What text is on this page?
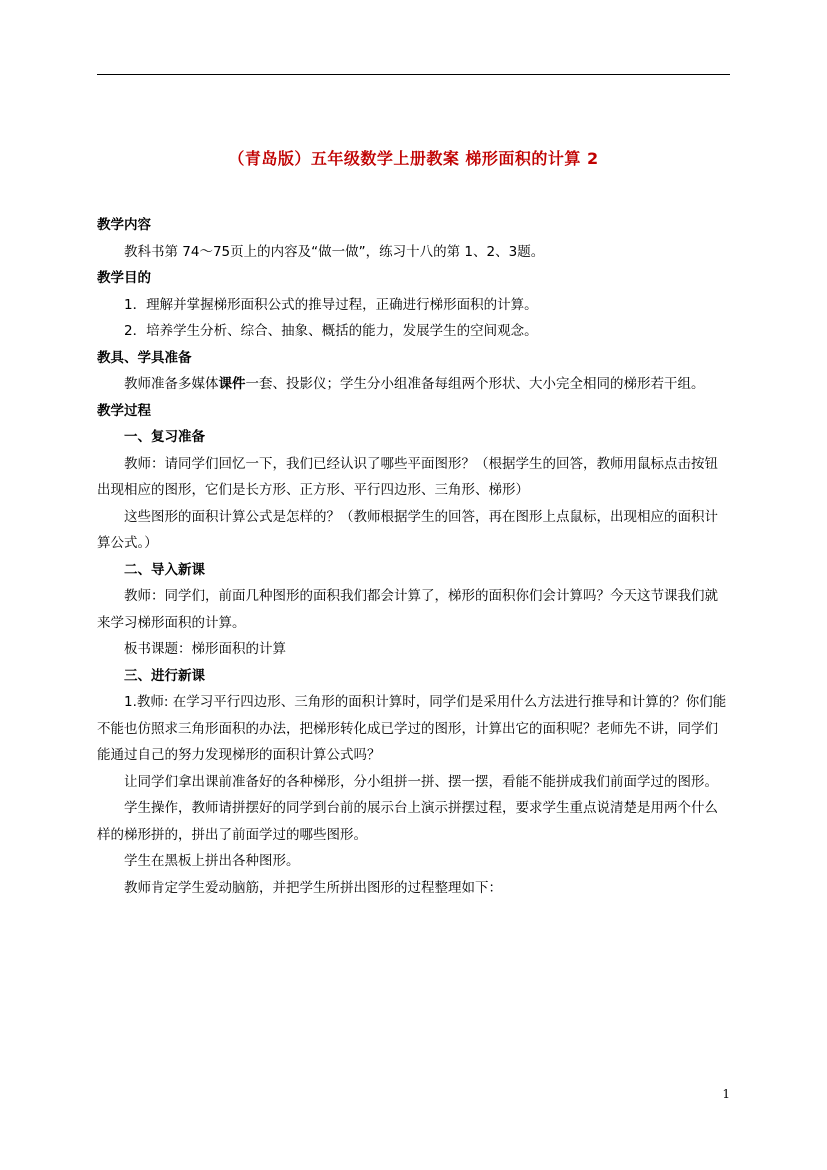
（青岛版）五年级数学上册教案 梯形面积的计算 2

教学内容

教科书第 74～75页上的内容及“做一做”，练习十八的第 1、2、3题。

教学目的

1．理解并掌握梯形面积公式的推导过程，正确进行梯形面积的计算。

2．培养学生分析、综合、抽象、概括的能力，发展学生的空间观念。

教具、学具准备

教师准备多媒体课件一套、投影仪；学生分小组准备每组两个形状、大小完全相同的梯形若干组。

教学过程

一、复习准备

教师：请同学们回忆一下，我们已经认识了哪些平面图形？（根据学生的回答，教师用鼠标点击按钮出现相应的图形，它们是长方形、正方形、平行四边形、三角形、梯形）

这些图形的面积计算公式是怎样的？（教师根据学生的回答，再在图形上点鼠标，出现相应的面积计算公式。）

二、导入新课

教师：同学们，前面几种图形的面积我们都会计算了，梯形的面积你们会计算吗？今天这节课我们就来学习梯形面积的计算。

板书课题：梯形面积的计算

三、进行新课

1.教师: 在学习平行四边形、三角形的面积计算时，同学们是采用什么方法进行推导和计算的？你们能不能也仿照求三角形面积的办法，把梯形转化成已学过的图形，计算出它的面积呢？老师先不讲，同学们能通过自己的努力发现梯形的面积计算公式吗？

让同学们拿出课前准备好的各种梯形，分小组拼一拼、摆一摆，看能不能拼成我们前面学过的图形。

学生操作，教师请拼摆好的同学到台前的展示台上演示拼摆过程，要求学生重点说清楚是用两个什么样的梯形拼的，拼出了前面学过的哪些图形。

学生在黑板上拼出各种图形。

教师肯定学生爱动脑筋，并把学生所拼出图形的过程整理如下：

1
